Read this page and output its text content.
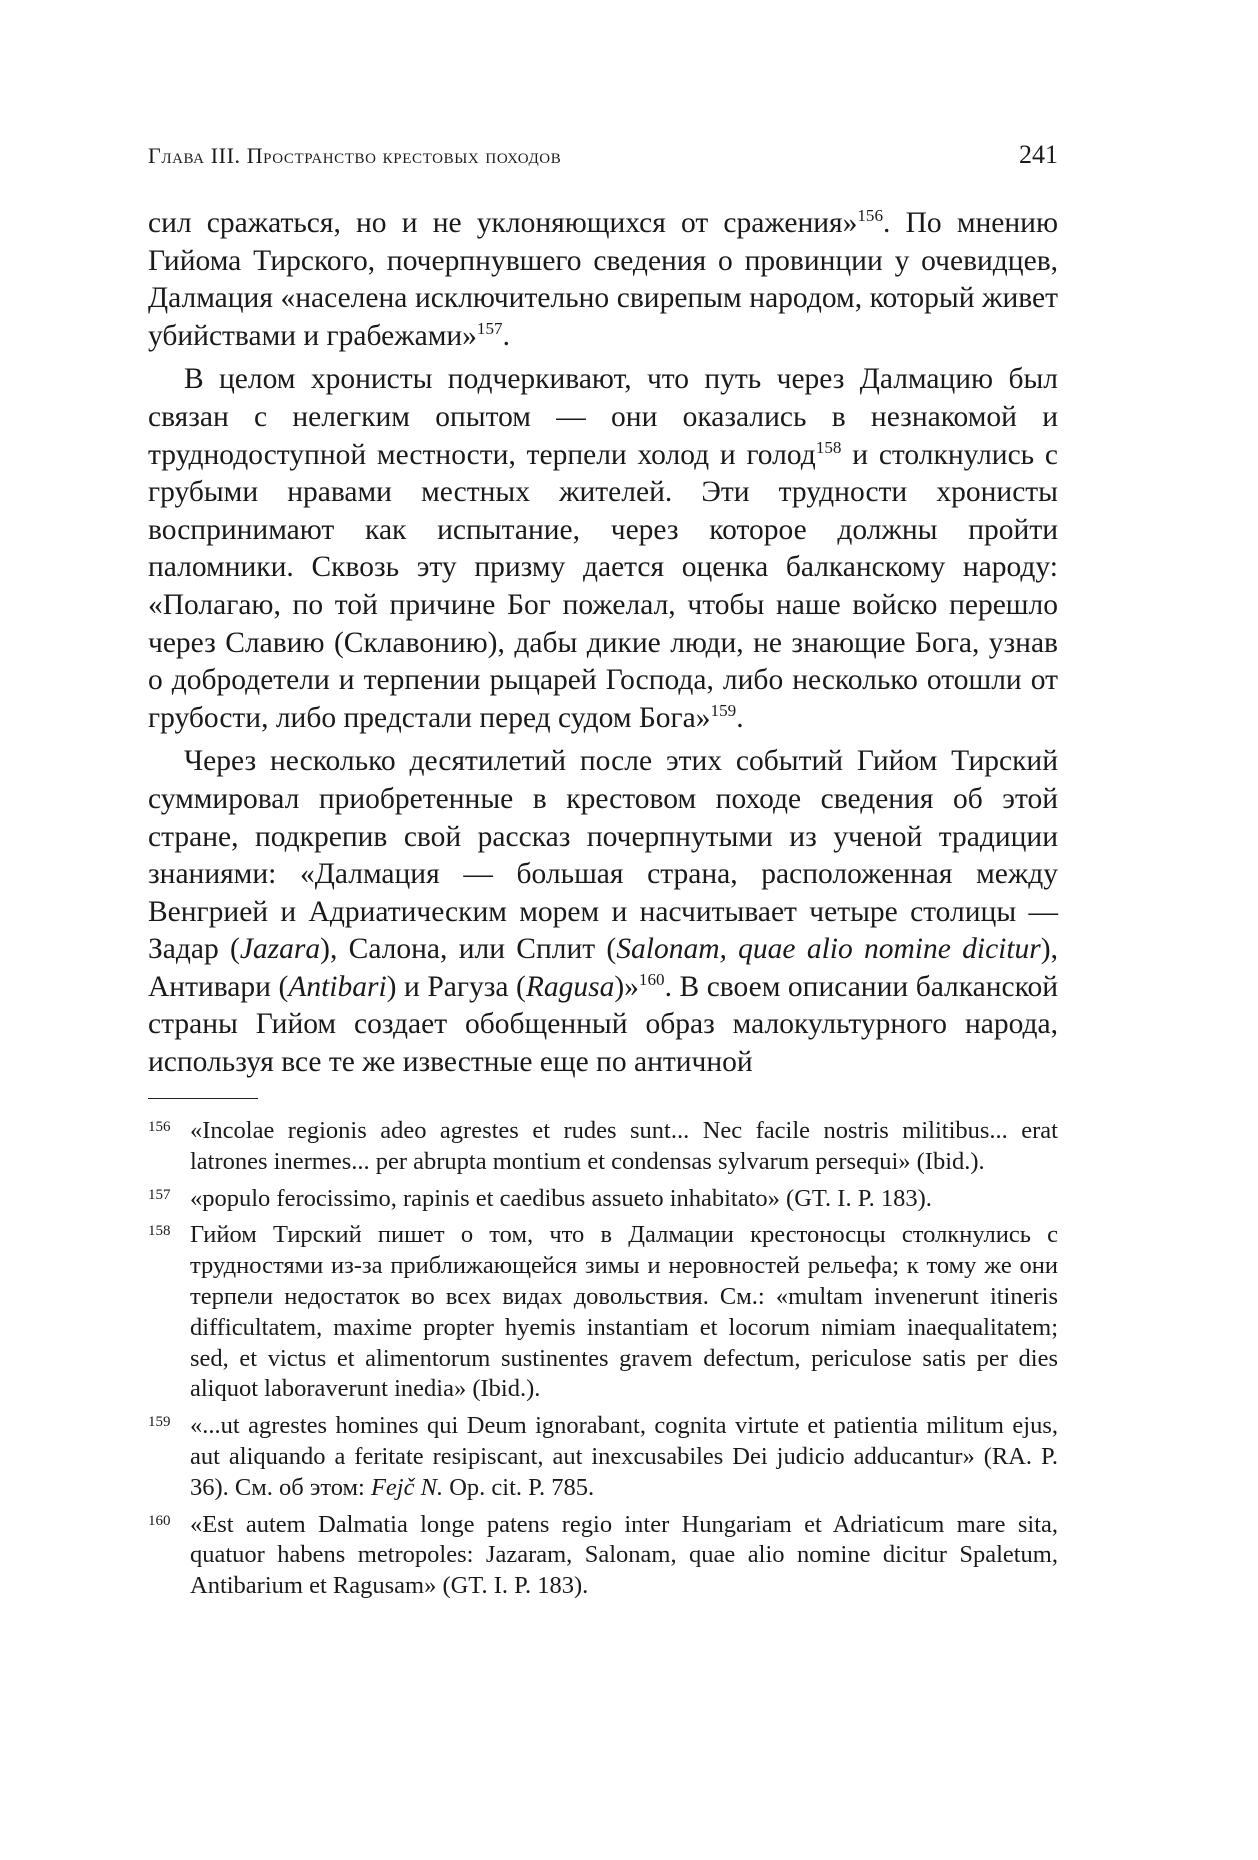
Глава III. Пространство крестовых походов	241

сил сражаться, но и не уклоняющихся от сражения»$^{156}$. По мнению Гийома Тирского, почерпнувшего сведения о провинции у очевидцев, Далмация «населена исключительно свирепым народом, который живет убийствами и грабежами»$^{157}$.

В целом хронисты подчеркивают, что путь через Далмацию был связан с нелегким опытом — они оказались в незнакомой и труднодоступной местности, терпели холод и голод$^{158}$ и столкнулись с грубыми нравами местных жителей. Эти трудности хронисты воспринимают как испытание, через которое должны пройти паломники. Сквозь эту призму дается оценка балканскому народу: «Полагаю, по той причине Бог пожелал, чтобы наше войско перешло через Славию (Склавонию), дабы дикие люди, не знающие Бога, узнав о добродетели и терпении рыцарей Господа, либо несколько отошли от грубости, либо предстали перед судом Бога»$^{159}$.

Через несколько десятилетий после этих событий Гийом Тирский суммировал приобретенные в крестовом походе сведения об этой стране, подкрепив свой рассказ почерпнутыми из ученой традиции знаниями: «Далмация — большая страна, расположенная между Венгрией и Адриатическим морем и насчитывает четыре столицы — Задар (Jazara), Салона, или Сплит (Salonam, quae alio nomine dicitur), Антивари (Antibari) и Рагуза (Ragusa)»$^{160}$. В своем описании балканской страны Гийом создает обобщенный образ малокультурного народа, используя все те же известные еще по античной

156 «Incolae regionis adeo agrestes et rudes sunt... Nec facile nostris militibus... erat latrones inermes... per abrupta montium et condensas sylvarum persequi» (Ibid.).
157 «populo ferocissimo, rapinis et caedibus assueto inhabitato» (GT. I. P. 183).
158 Гийом Тирский пишет о том, что в Далмации крестоносцы столкнулись с трудностями из-за приближающейся зимы и неровностей рельефа; к тому же они терпели недостаток во всех видах довольствия. См.: «multam invenerunt itineris difficultatem, maxime propter hyemis instantiam et locorum nimiam inaequalitatem; sed, et victus et alimentorum sustinentes gravem defectum, periculose satis per dies aliquot laboraverunt inedia» (Ibid.).
159 «...ut agrestes homines qui Deum ignorabant, cognita virtute et patientia militum ejus, aut aliquando a feritate resipiscant, aut inexcusabiles Dei judicio adducantur» (RA. P. 36). См. об этом: Fejč N. Op. cit. P. 785.
160 «Est autem Dalmatia longe patens regio inter Hungariam et Adriaticum mare sita, quatuor habens metropoles: Jazaram, Salonam, quae alio nomine dicitur Spaletum, Antibarium et Ragusam» (GT. I. P. 183).
